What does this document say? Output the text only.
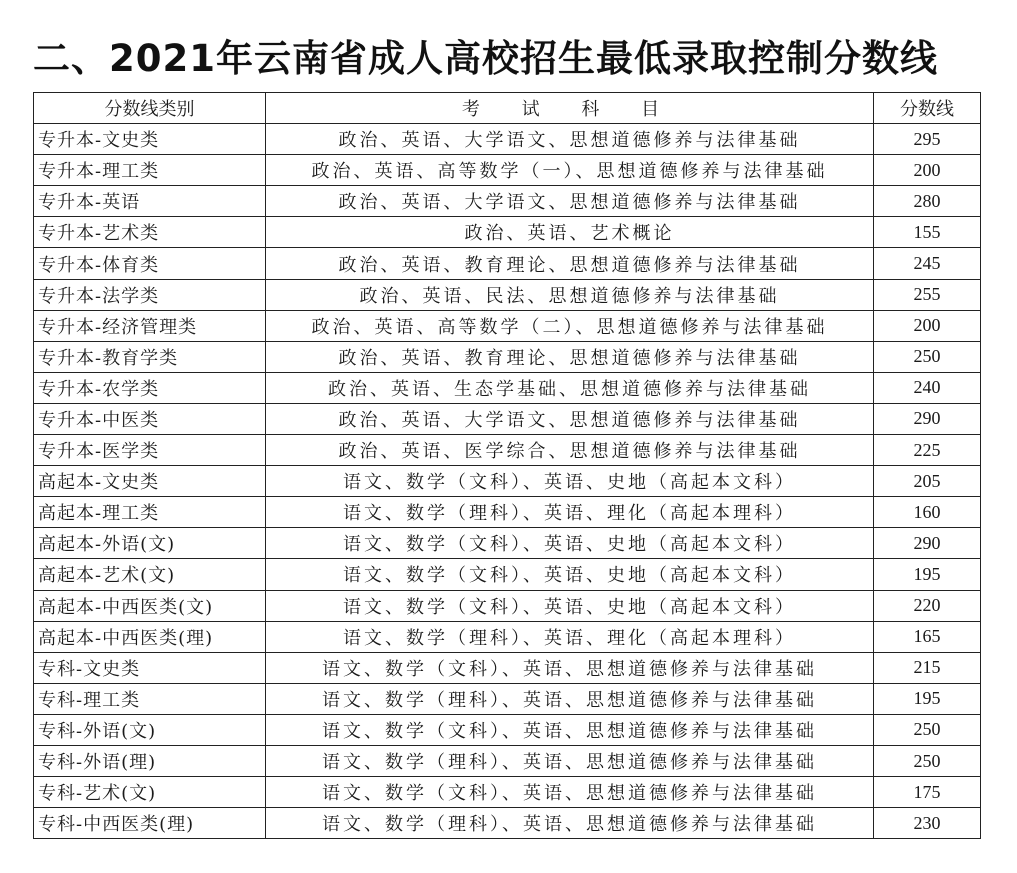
二、2021年云南省成人高校招生最低录取控制分数线
分数线类别	考 试 科 目	分数线
专升本-文史类	政治、英语、大学语文、思想道德修养与法律基础	295
专升本-理工类	政治、英语、高等数学（一）、思想道德修养与法律基础	200
专升本-英语	政治、英语、大学语文、思想道德修养与法律基础	280
专升本-艺术类	政治、英语、艺术概论	155
专升本-体育类	政治、英语、教育理论、思想道德修养与法律基础	245
专升本-法学类	政治、英语、民法、思想道德修养与法律基础	255
专升本-经济管理类	政治、英语、高等数学（二）、思想道德修养与法律基础	200
专升本-教育学类	政治、英语、教育理论、思想道德修养与法律基础	250
专升本-农学类	政治、英语、生态学基础、思想道德修养与法律基础	240
专升本-中医类	政治、英语、大学语文、思想道德修养与法律基础	290
专升本-医学类	政治、英语、医学综合、思想道德修养与法律基础	225
高起本-文史类	语文、数学（文科）、英语、史地（高起本文科）	205
高起本-理工类	语文、数学（理科）、英语、理化（高起本理科）	160
高起本-外语(文)	语文、数学（文科）、英语、史地（高起本文科）	290
高起本-艺术(文)	语文、数学（文科）、英语、史地（高起本文科）	195
高起本-中西医类(文)	语文、数学（文科）、英语、史地（高起本文科）	220
高起本-中西医类(理)	语文、数学（理科）、英语、理化（高起本理科）	165
专科-文史类	语文、数学（文科）、英语、思想道德修养与法律基础	215
专科-理工类	语文、数学（理科）、英语、思想道德修养与法律基础	195
专科-外语(文)	语文、数学（文科）、英语、思想道德修养与法律基础	250
专科-外语(理)	语文、数学（理科）、英语、思想道德修养与法律基础	250
专科-艺术(文)	语文、数学（文科）、英语、思想道德修养与法律基础	175
专科-中西医类(理)	语文、数学（理科）、英语、思想道德修养与法律基础	230
